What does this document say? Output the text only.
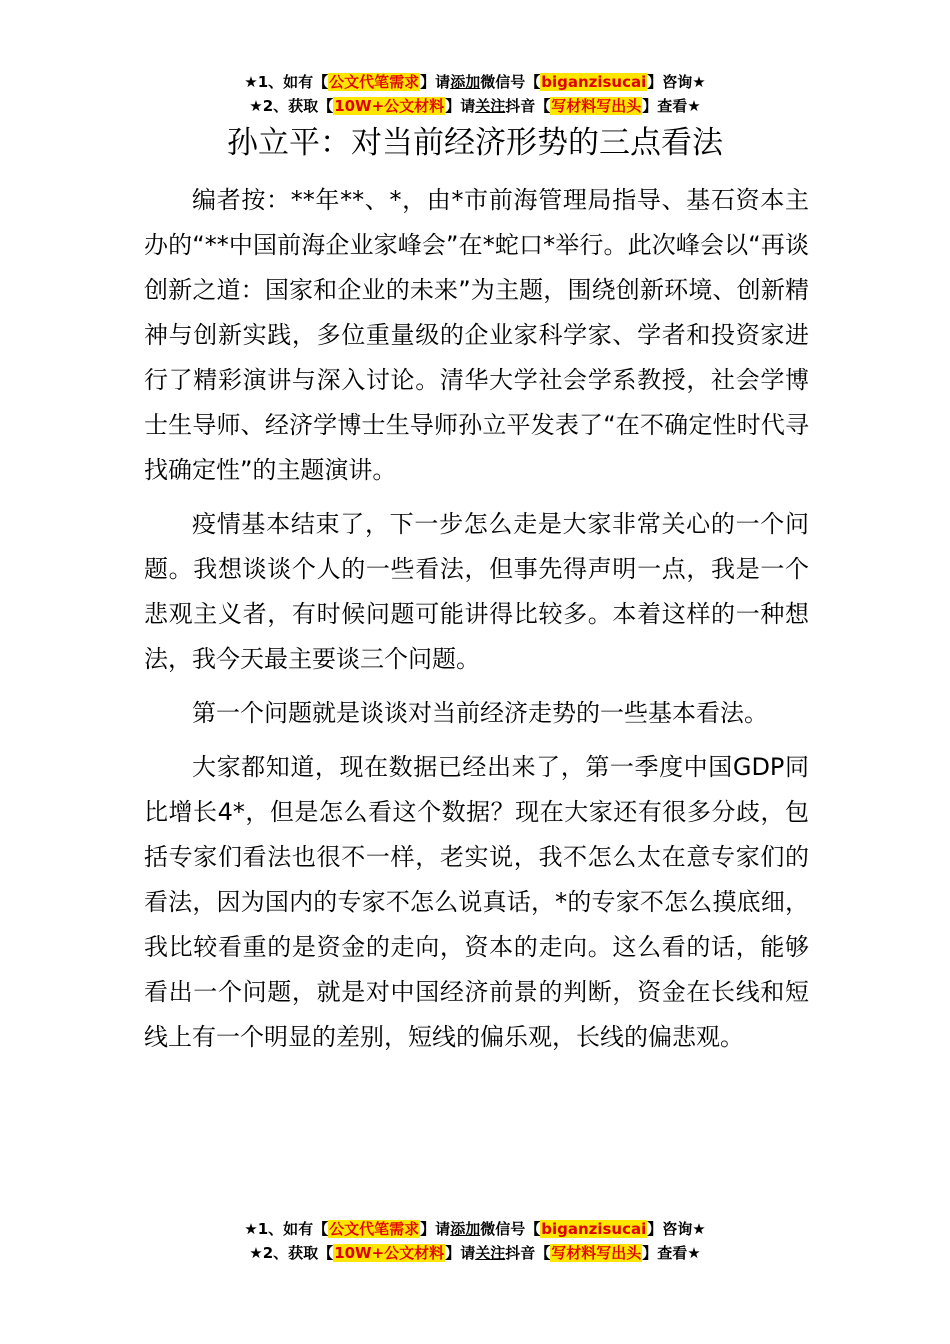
★1、如有【公文代笔需求】请添加微信号【biganzisucai】咨询★
★2、获取【10W+公文材料】请关注抖音【写材料写出头】查看★
孙立平：对当前经济形势的三点看法

编者按：**年**、*，由*市前海管理局指导、基石资本主办的“**中国前海企业家峰会”在*蛇口*举行。此次峰会以“再谈创新之道：国家和企业的未来”为主题，围绕创新环境、创新精神与创新实践，多位重量级的企业家科学家、学者和投资家进行了精彩演讲与深入讨论。清华大学社会学系教授，社会学博士生导师、经济学博士生导师孙立平发表了“在不确定性时代寻找确定性”的主题演讲。

疫情基本结束了，下一步怎么走是大家非常关心的一个问题。我想谈谈个人的一些看法，但事先得声明一点，我是一个悲观主义者，有时候问题可能讲得比较多。本着这样的一种想法，我今天最主要谈三个问题。

第一个问题就是谈谈对当前经济走势的一些基本看法。

大家都知道，现在数据已经出来了，第一季度中国GDP同比增长4*，但是怎么看这个数据？现在大家还有很多分歧，包括专家们看法也很不一样，老实说，我不怎么太在意专家们的看法，因为国内的专家不怎么说真话，*的专家不怎么摸底细，我比较看重的是资金的走向，资本的走向。这么看的话，能够看出一个问题，就是对中国经济前景的判断，资金在长线和短线上有一个明显的差别，短线的偏乐观，长线的偏悲观。

★1、如有【公文代笔需求】请添加微信号【biganzisucai】咨询★
★2、获取【10W+公文材料】请关注抖音【写材料写出头】查看★
